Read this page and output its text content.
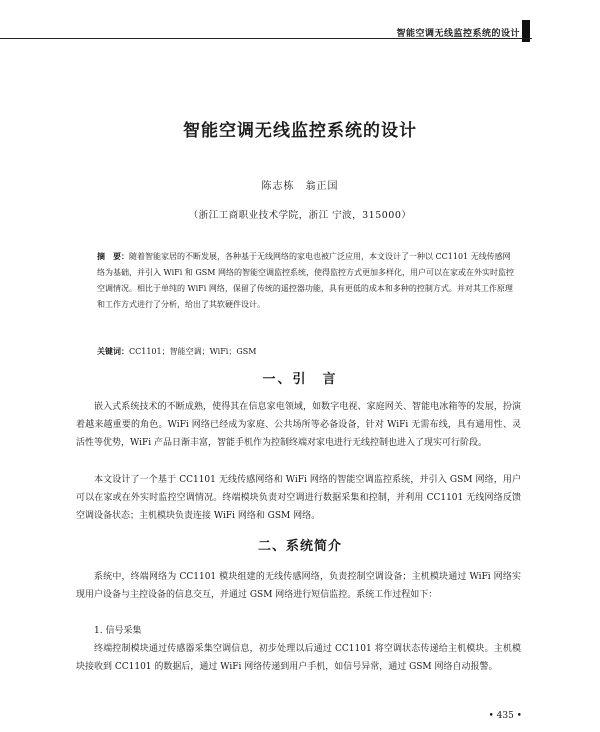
智能空调无线监控系统的设计
智能空调无线监控系统的设计
陈志栋　翁正国
（浙江工商职业技术学院，浙江 宁波，315000）
摘　要：随着智能家居的不断发展，各种基于无线网络的家电也被广泛应用，本文设计了一种以 CC1101 无线传感网络为基础，并引入 WiFi 和 GSM 网络的智能空调监控系统，使得监控方式更加多样化，用户可以在家或在外实时监控空调情况。相比于单纯的 WiFi 网络，保留了传统的遥控器功能，具有更低的成本和多种的控制方式。并对其工作原理和工作方式进行了分析，给出了其软硬件设计。
关键词：CC1101；智能空调；WiFi；GSM
一、引　言

嵌入式系统技术的不断成熟，使得其在信息家电领域，如数字电视、家庭网关、智能电冰箱等的发展，扮演着越来越重要的角色。WiFi 网络已经成为家庭、公共场所等必备设备，针对 WiFi 无需布线，具有通用性、灵活性等优势，WiFi 产品日渐丰富，智能手机作为控制终端对家电进行无线控制也进入了现实可行阶段。

本文设计了一个基于 CC1101 无线传感网络和 WiFi 网络的智能空调监控系统，并引入 GSM 网络，用户可以在家或在外实时监控空调情况。终端模块负责对空调进行数据采集和控制，并利用 CC1101 无线网络反馈空调设备状态；主机模块负责连接 WiFi 网络和 GSM 网络。

二、系统简介

系统中，终端网络为 CC1101 模块组建的无线传感网络，负责控制空调设备；主机模块通过 WiFi 网络实现用户设备与主控设备的信息交互，并通过 GSM 网络进行短信监控。系统工作过程如下：

1. 信号采集

终端控制模块通过传感器采集空调信息，初步处理以后通过 CC1101 将空调状态传递给主机模块。主机模块接收到 CC1101 的数据后，通过 WiFi 网络传递到用户手机，如信号异常，通过 GSM 网络自动报警。

• 435 •
